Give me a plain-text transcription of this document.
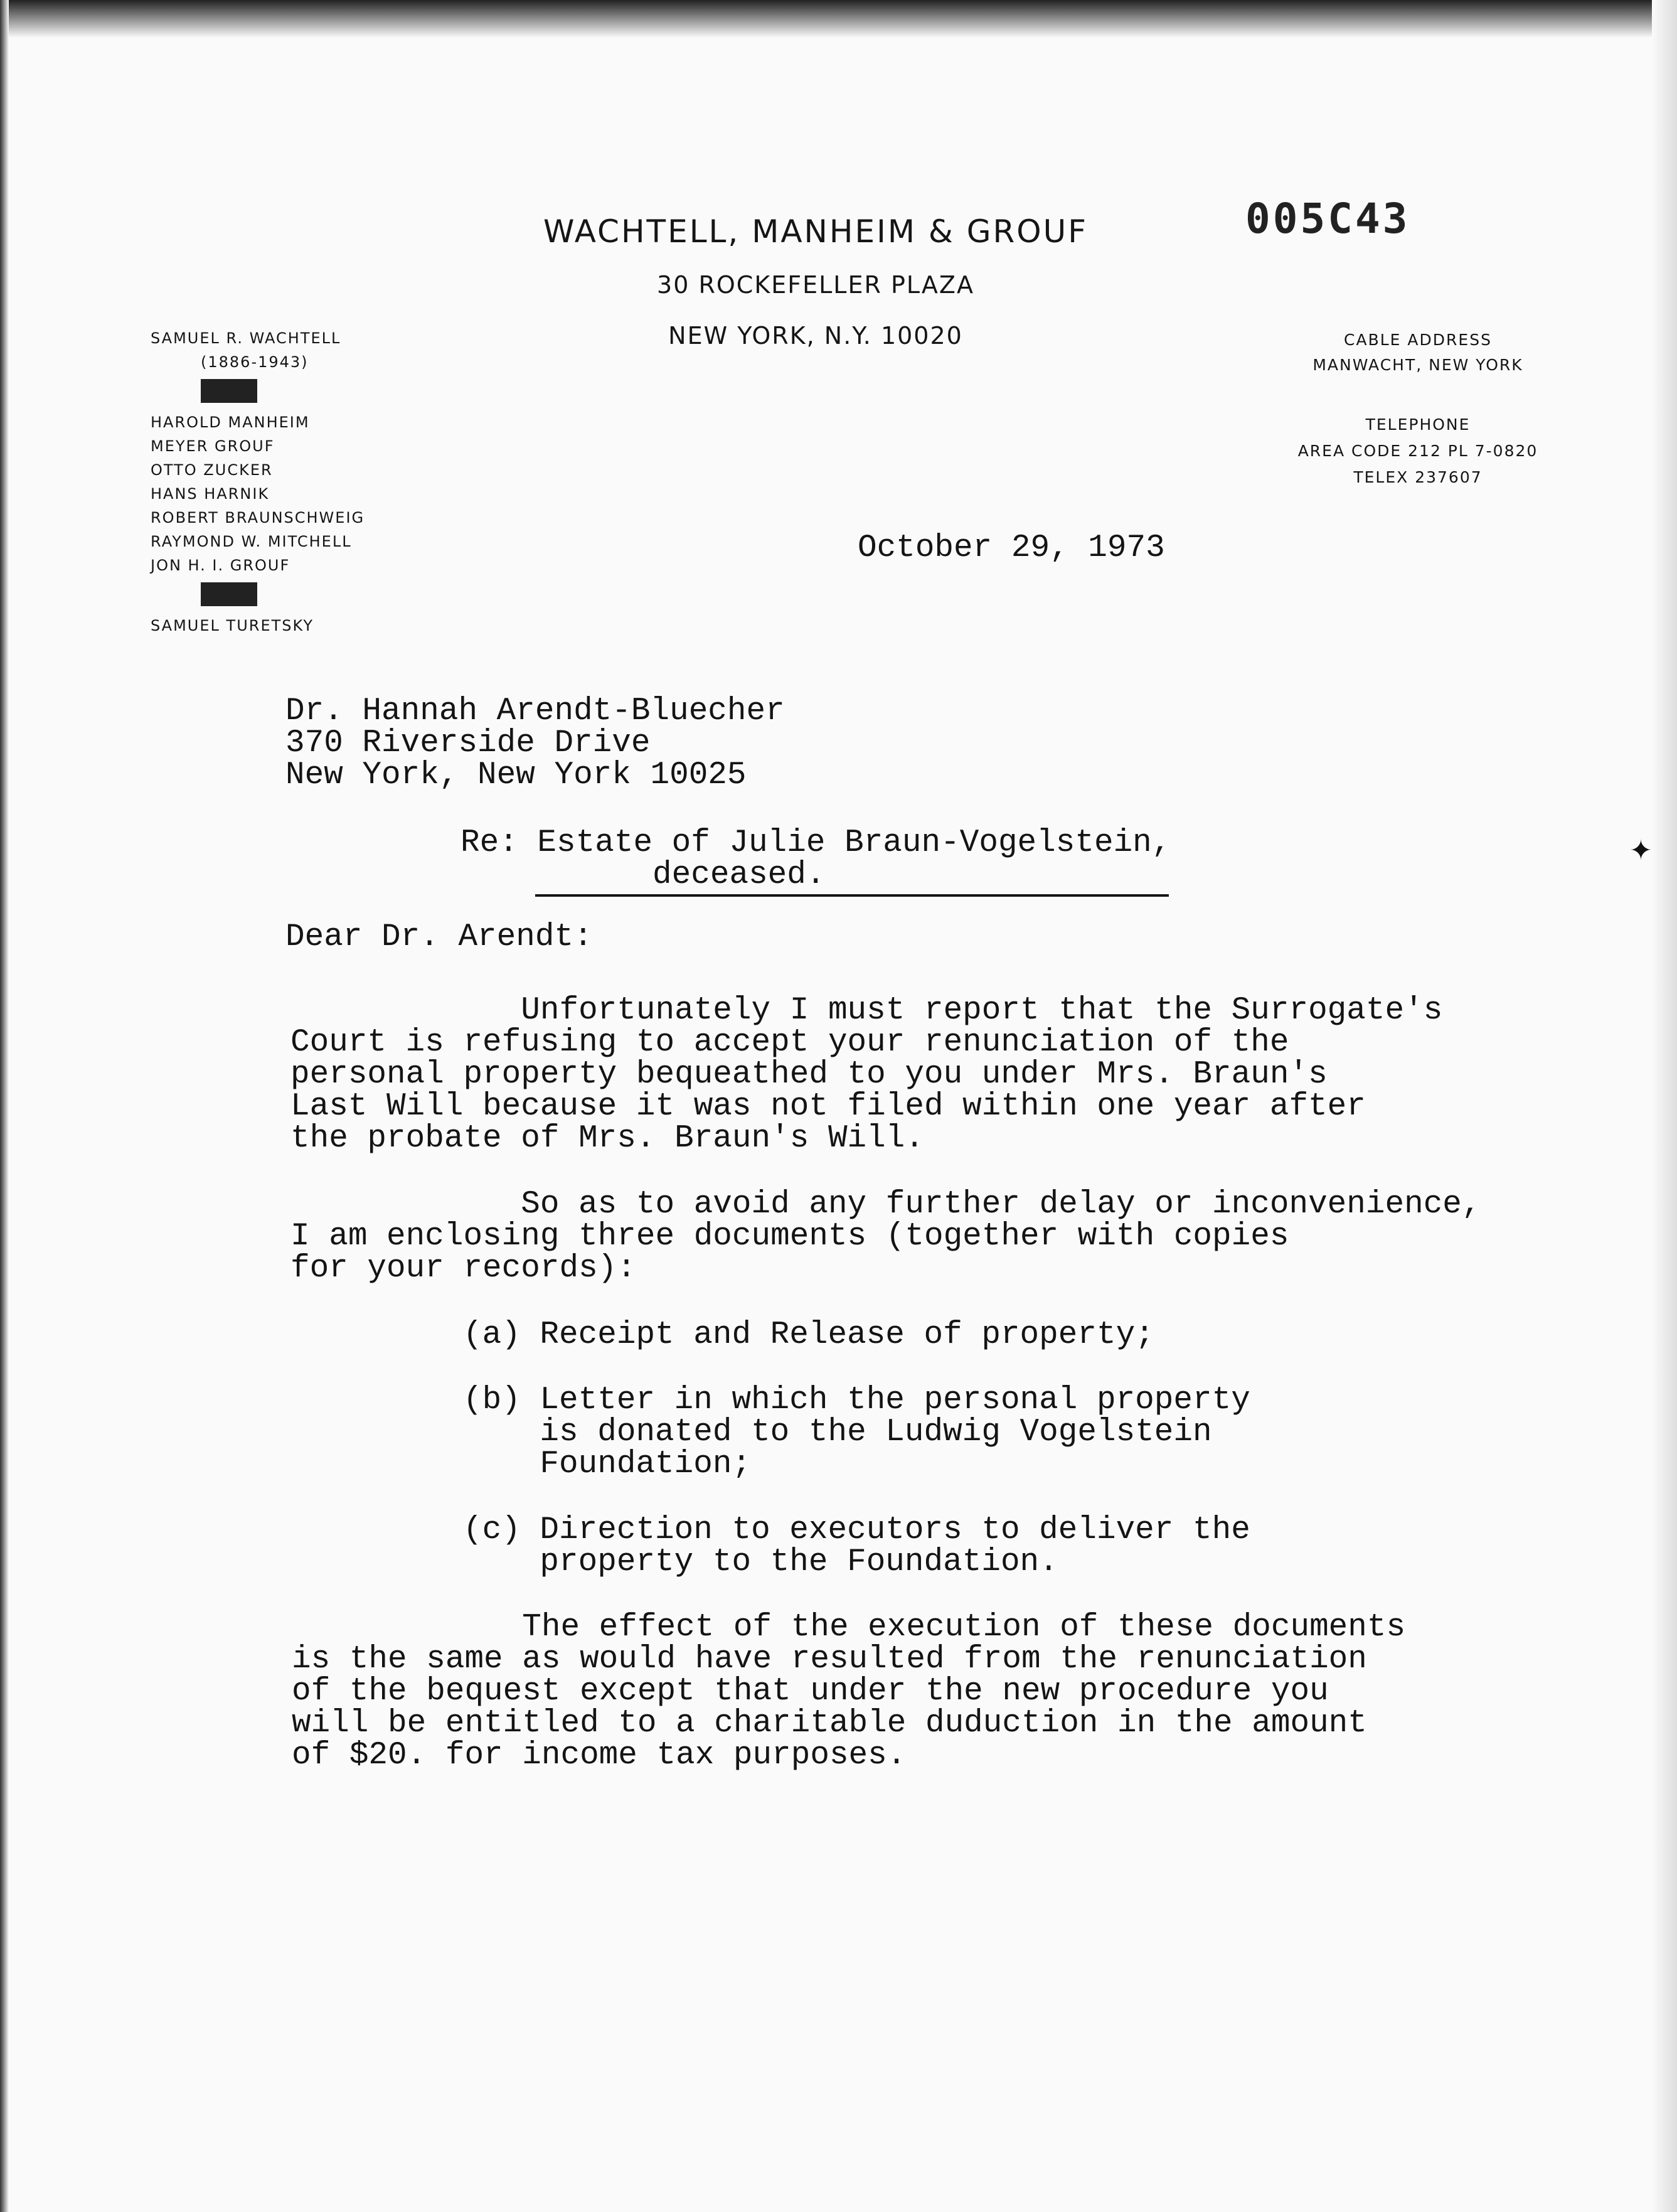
WACHTELL, MANHEIM & GROUF
30 ROCKEFELLER PLAZA
NEW YORK, N.Y. 10020
005C43
SAMUEL R. WACHTELL
(1886-1943)
HAROLD MANHEIM
MEYER GROUF
OTTO ZUCKER
HANS HARNIK
ROBERT BRAUNSCHWEIG
RAYMOND W. MITCHELL
JON H. I. GROUF
SAMUEL TURETSKY
CABLE ADDRESS
MANWACHT, NEW YORK
TELEPHONE
AREA CODE 212 PL 7-0820
TELEX 237607
October 29, 1973
Dr. Hannah Arendt-Bluecher
370 Riverside Drive
New York, New York 10025
Re: Estate of Julie Braun-Vogelstein,
deceased.
Dear Dr. Arendt:
Unfortunately I must report that the Surrogate's
Court is refusing to accept your renunciation of the
personal property bequeathed to you under Mrs. Braun's
Last Will because it was not filed within one year after
the probate of Mrs. Braun's Will.
So as to avoid any further delay or inconvenience,
I am enclosing three documents (together with copies
for your records):
(a) Receipt and Release of property;
(b) Letter in which the personal property
is donated to the Ludwig Vogelstein
Foundation;
(c) Direction to executors to deliver the
property to the Foundation.
The effect of the execution of these documents
is the same as would have resulted from the renunciation
of the bequest except that under the new procedure you
will be entitled to a charitable duduction in the amount
of $20. for income tax purposes.
✦
